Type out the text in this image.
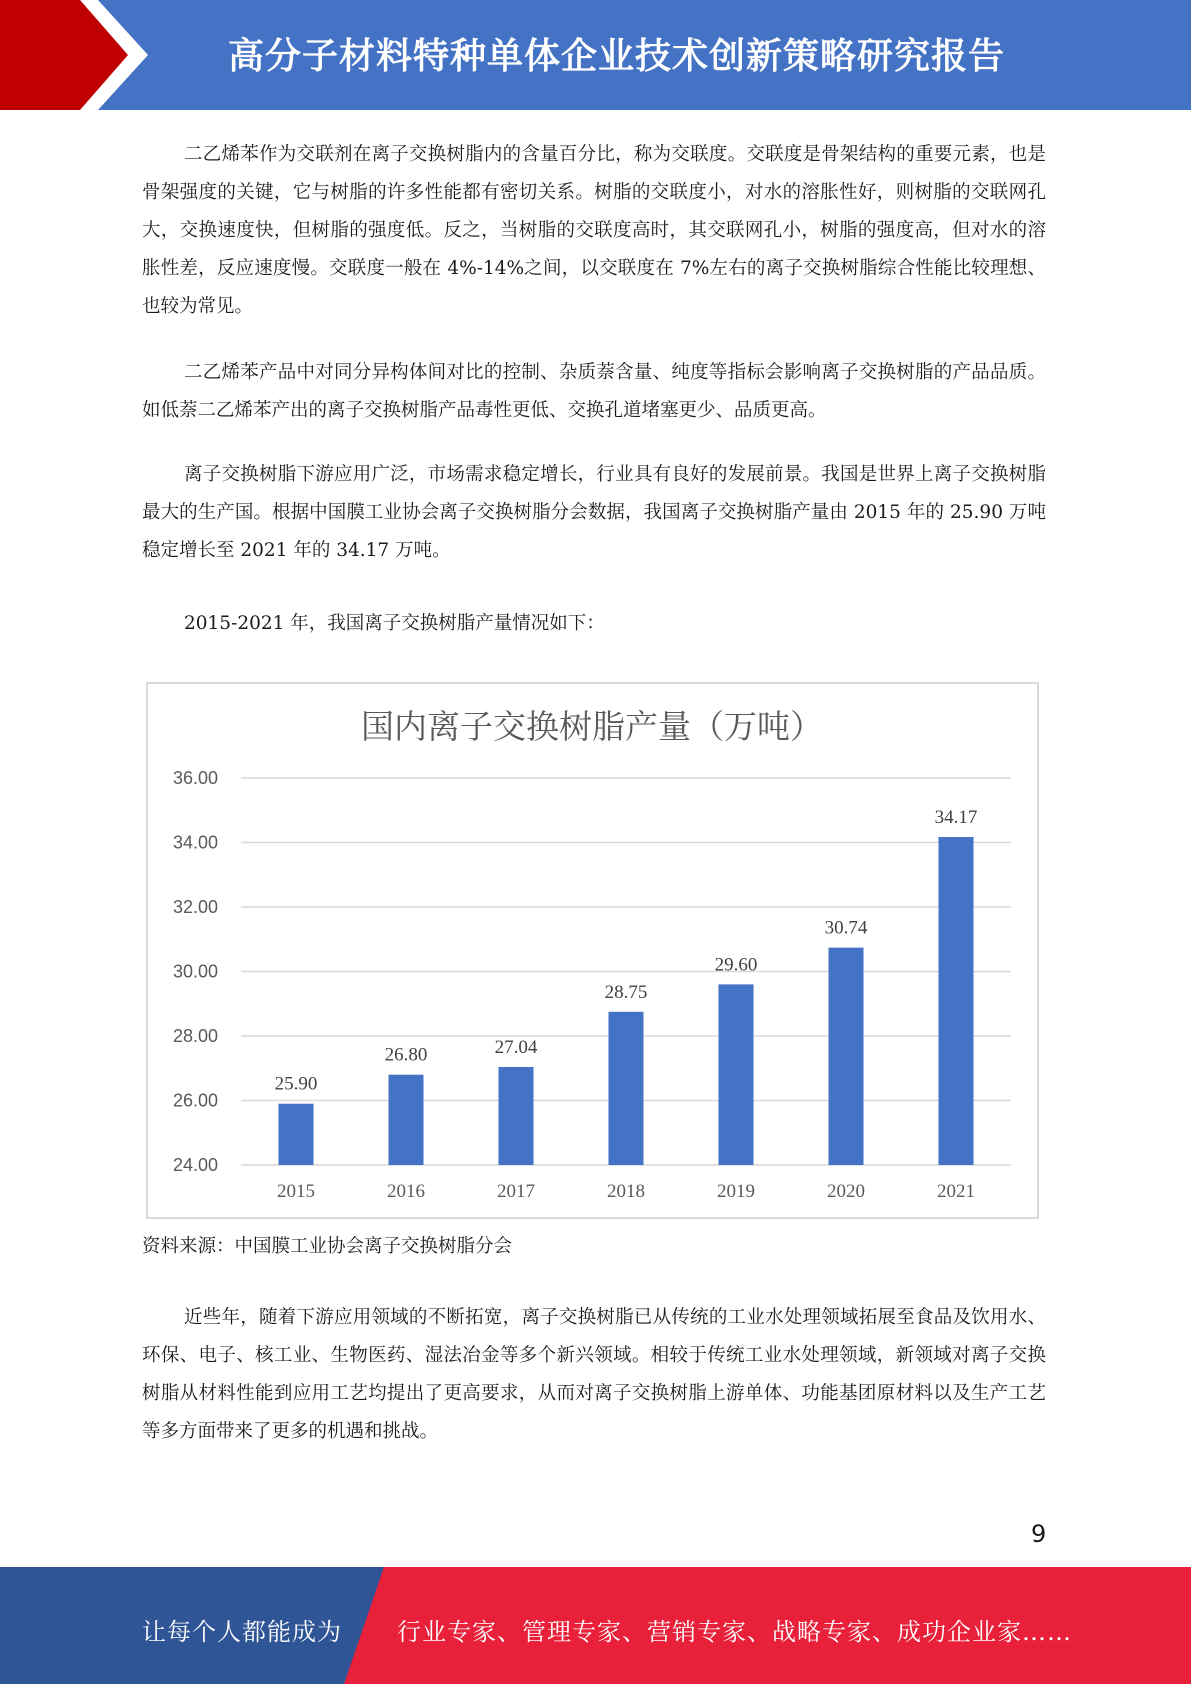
高分子材料特种单体企业技术创新策略研究报告

二乙烯苯作为交联剂在离子交换树脂内的含量百分比，称为交联度。交联度是骨架结构的重要元素，也是骨架强度的关键，它与树脂的许多性能都有密切关系。树脂的交联度小，对水的溶胀性好，则树脂的交联网孔大，交换速度快，但树脂的强度低。反之，当树脂的交联度高时，其交联网孔小，树脂的强度高，但对水的溶胀性差，反应速度慢。交联度一般在 4%-14%之间，以交联度在 7%左右的离子交换树脂综合性能比较理想、也较为常见。

二乙烯苯产品中对同分异构体间对比的控制、杂质萘含量、纯度等指标会影响离子交换树脂的产品品质。如低萘二乙烯苯产出的离子交换树脂产品毒性更低、交换孔道堵塞更少、品质更高。

离子交换树脂下游应用广泛，市场需求稳定增长，行业具有良好的发展前景。我国是世界上离子交换树脂最大的生产国。根据中国膜工业协会离子交换树脂分会数据，我国离子交换树脂产量由 2015 年的 25.90 万吨稳定增长至 2021 年的 34.17 万吨。

2015-2021 年，我国离子交换树脂产量情况如下：

国内离子交换树脂产量（万吨）
24.00
26.00
28.00
30.00
32.00
34.00
36.00
25.90
2015
26.80
2016
27.04
2017
28.75
2018
29.60
2019
30.74
2020
34.17
2021
资料来源：中国膜工业协会离子交换树脂分会

近些年，随着下游应用领域的不断拓宽，离子交换树脂已从传统的工业水处理领域拓展至食品及饮用水、环保、电子、核工业、生物医药、湿法冶金等多个新兴领域。相较于传统工业水处理领域，新领域对离子交换树脂从材料性能到应用工艺均提出了更高要求，从而对离子交换树脂上游单体、功能基团原材料以及生产工艺等多方面带来了更多的机遇和挑战。

9
让每个人都能成为 行业专家、管理专家、营销专家、战略专家、成功企业家……
